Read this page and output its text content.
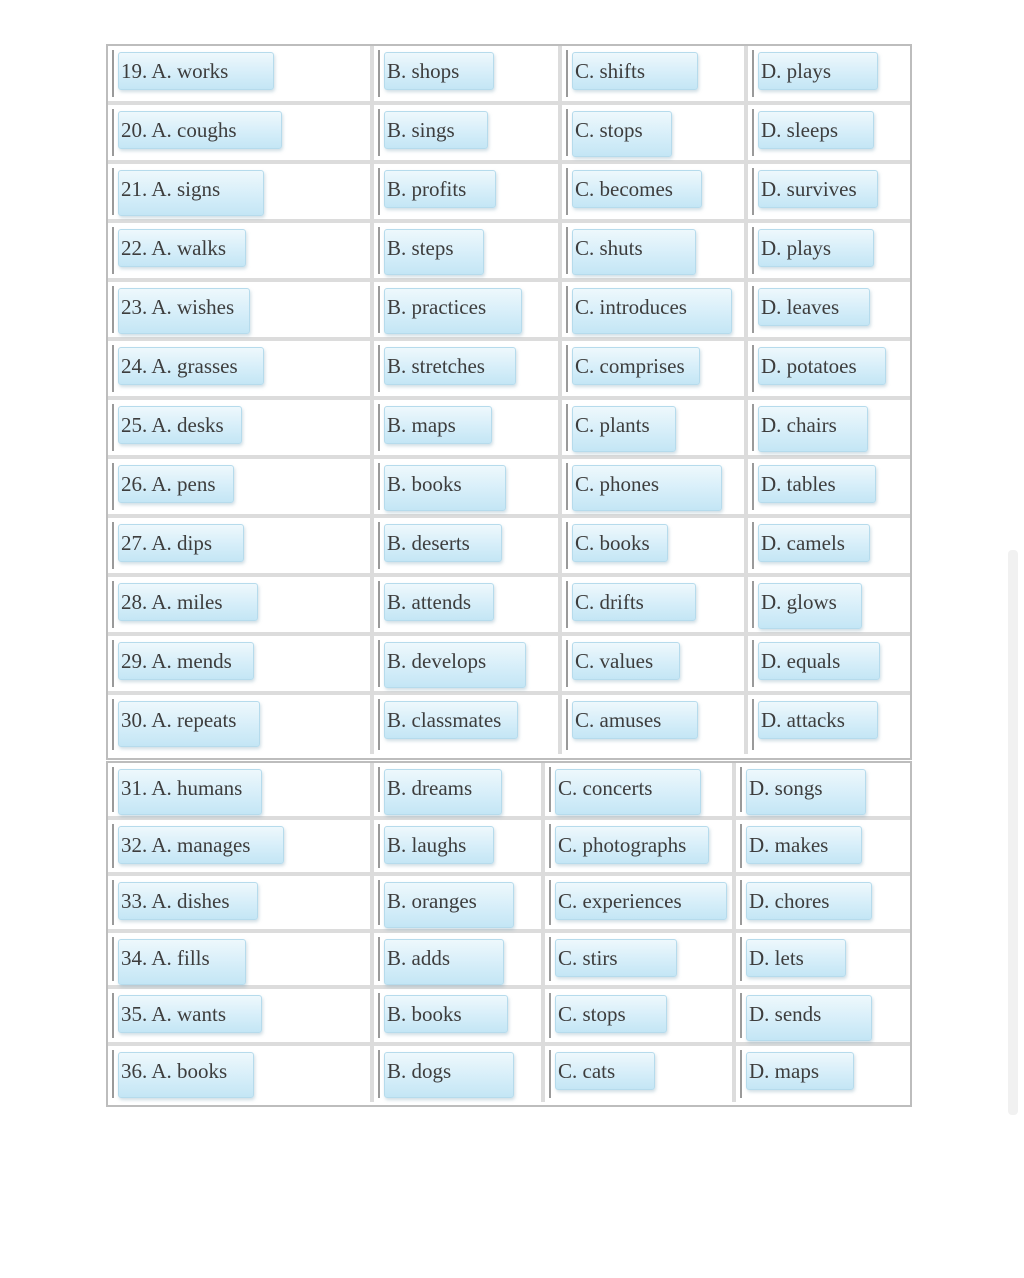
19. A. works	B. shops	C. shifts	D. plays
20. A. coughs	B. sings	C. stops	D. sleeps
21. A. signs	B. profits	C. becomes	D. survives
22. A. walks	B. steps	C. shuts	D. plays
23. A. wishes	B. practices	C. introduces	D. leaves
24. A. grasses	B. stretches	C. comprises	D. potatoes
25. A. desks	B. maps	C. plants	D. chairs
26. A. pens	B. books	C. phones	D. tables
27. A. dips	B. deserts	C. books	D. camels
28. A. miles	B. attends	C. drifts	D. glows
29. A. mends	B. develops	C. values	D. equals
30. A. repeats	B. classmates	C. amuses	D. attacks
31. A. humans	B. dreams	C. concerts	D. songs
32. A. manages	B. laughs	C. photographs	D. makes
33. A. dishes	B. oranges	C. experiences	D. chores
34. A. fills	B. adds	C. stirs	D. lets
35. A. wants	B. books	C. stops	D. sends
36. A. books	B. dogs	C. cats	D. maps
